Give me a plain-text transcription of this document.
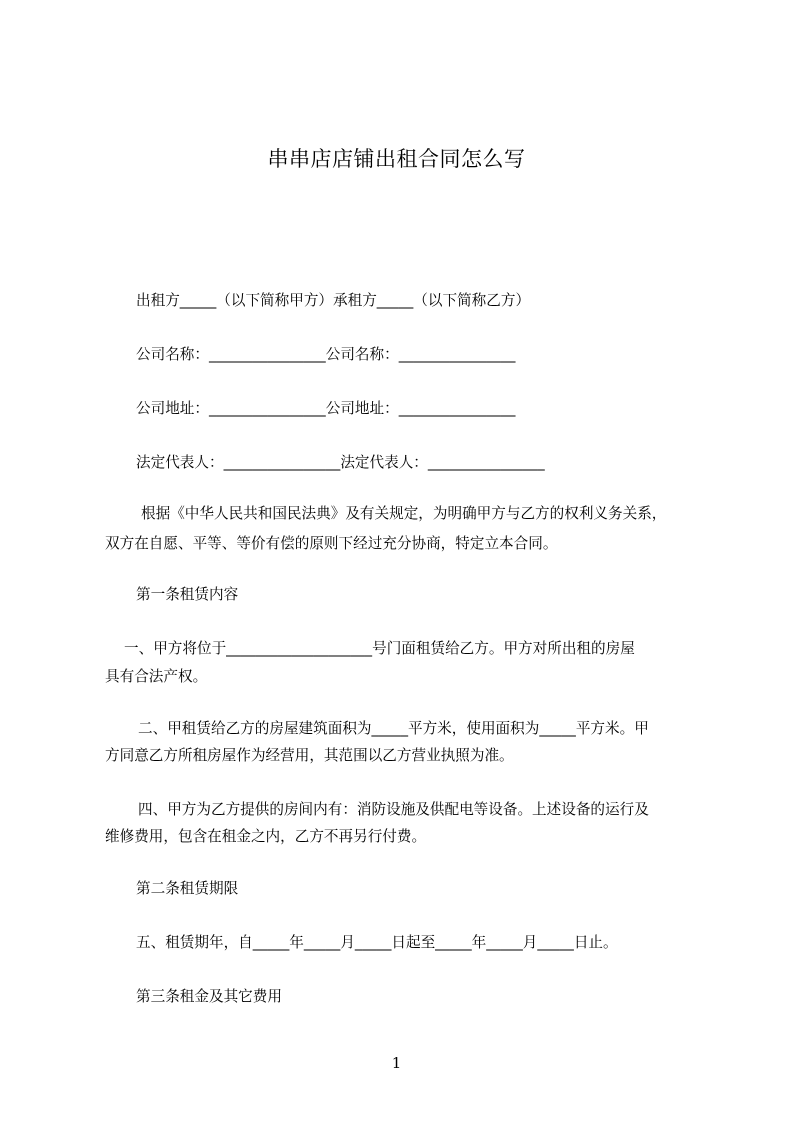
串串店店铺出租合同怎么写
出租方_____（以下简称甲方）承租方_____（以下简称乙方）
公司名称：________________公司名称：________________
公司地址：________________公司地址：________________
法定代表人：________________法定代表人：________________
根据《中华人民共和国民法典》及有关规定，为明确甲方与乙方的权利义务关系，
双方在自愿、平等、等价有偿的原则下经过充分协商，特定立本合同。
第一条租赁内容
一、甲方将位于____________________号门面租赁给乙方。甲方对所出租的房屋
具有合法产权。
二、甲租赁给乙方的房屋建筑面积为_____平方米，使用面积为_____平方米。甲
方同意乙方所租房屋作为经营用，其范围以乙方营业执照为准。
四、甲方为乙方提供的房间内有：消防设施及供配电等设备。上述设备的运行及
维修费用，包含在租金之内，乙方不再另行付费。
第二条租赁期限
五、租赁期年，自_____年_____月_____日起至_____年_____月_____日止。
第三条租金及其它费用
1
